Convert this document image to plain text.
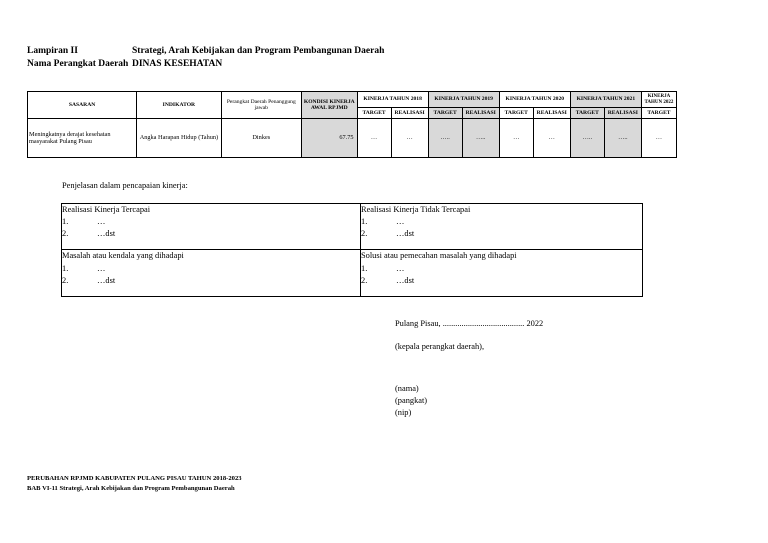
Lampiran II	Strategi, Arah Kebijakan dan Program Pembangunan Daerah
Nama Perangkat Daerah DINAS KESEHATAN
SASARAN	INDIKATOR	Perangkat Daerah Penanggung jawab	KONDISI KINERJA AWAL RPJMD	KINERJA TAHUN 2018		KINERJA TAHUN 2019		KINERJA TAHUN 2020		KINERJA TAHUN 2021		KINERJA TAHUN 2022
				TARGET	REALISASI	TARGET	REALISASI	TARGET	REALISASI	TARGET	REALISASI	TARGET
Meningkatnya derajat kesehatan masyarakat Pulang Pisau	Angka Harapan Hidup (Tahun)	Dinkes	67.75	…	…	…..	…..	…	…	…..	…..	…
Penjelasan dalam pencapaian kinerja:
Realisasi Kinerja Tercapai
1.	…
2.	…dst
Realisasi Kinerja Tidak Tercapai
1.	…
2.	…dst
Masalah atau kendala yang dihadapi
1.	…
2.	…dst
Solusi atau pemecahan masalah yang dihadapi
1.	…
2.	…dst
Pulang Pisau, ....................................... 2022
(kepala perangkat daerah),
(nama)
(pangkat)
(nip)
PERUBAHAN RPJMD KABUPATEN PULANG PISAU TAHUN 2018-2023
BAB VI-11 Strategi, Arah Kebijakan dan Program Pembangunan Daerah
